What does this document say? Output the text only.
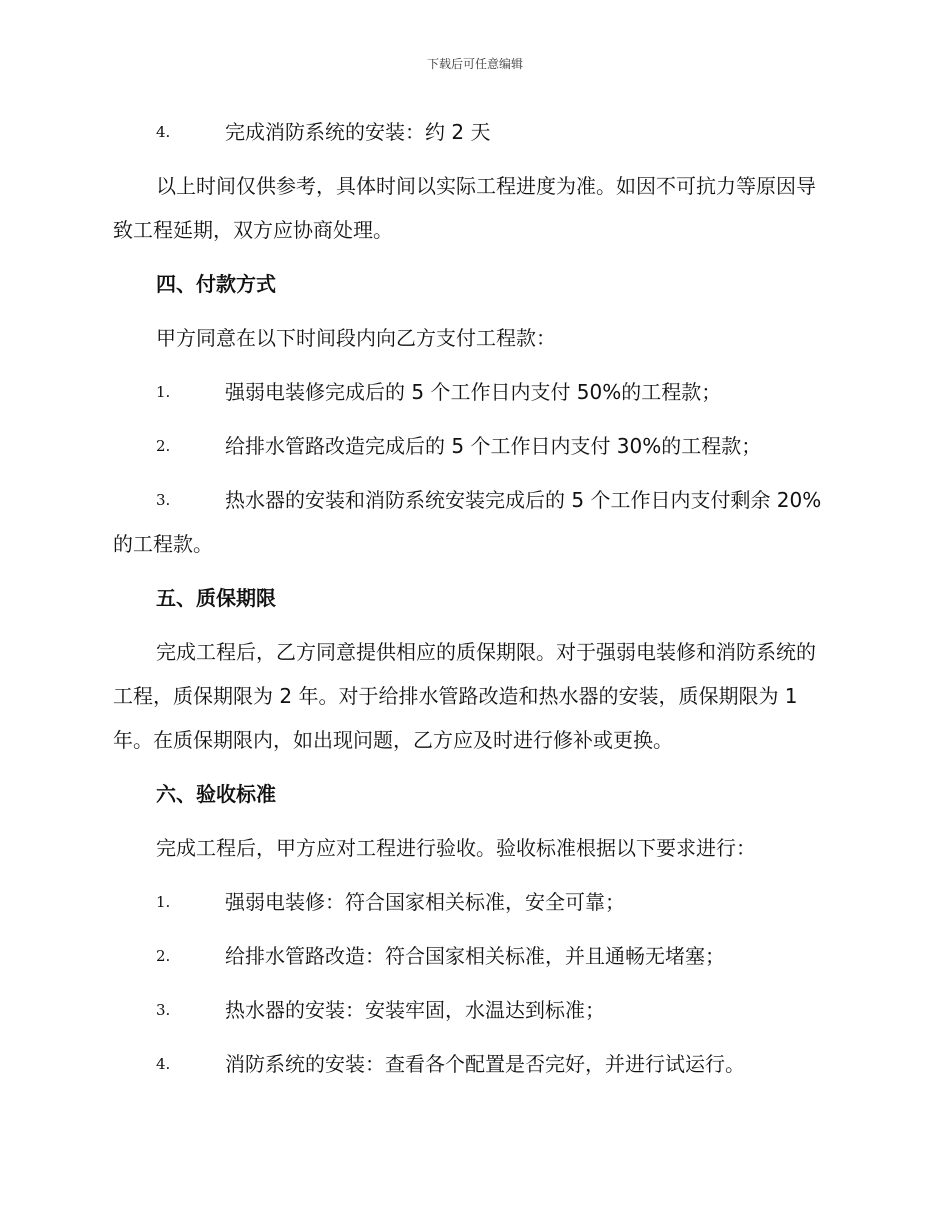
下载后可任意编辑
4.	完成消防系统的安装：约 2 天

以上时间仅供参考，具体时间以实际工程进度为准。如因不可抗力等原因导致工程延期，双方应协商处理。

四、付款方式

甲方同意在以下时间段内向乙方支付工程款：

1.	强弱电装修完成后的 5 个工作日内支付 50%的工程款；
2.	给排水管路改造完成后的 5 个工作日内支付 30%的工程款；
3.	热水器的安装和消防系统安装完成后的 5 个工作日内支付剩余 20%的工程款。
五、质保期限

完成工程后，乙方同意提供相应的质保期限。对于强弱电装修和消防系统的工程，质保期限为 2 年。对于给排水管路改造和热水器的安装，质保期限为 1 年。在质保期限内，如出现问题，乙方应及时进行修补或更换。

六、验收标准

完成工程后，甲方应对工程进行验收。验收标准根据以下要求进行：

1.	强弱电装修：符合国家相关标准，安全可靠；
2.	给排水管路改造：符合国家相关标准，并且通畅无堵塞；
3.	热水器的安装：安装牢固，水温达到标准；
4.	消防系统的安装：查看各个配置是否完好，并进行试运行。
